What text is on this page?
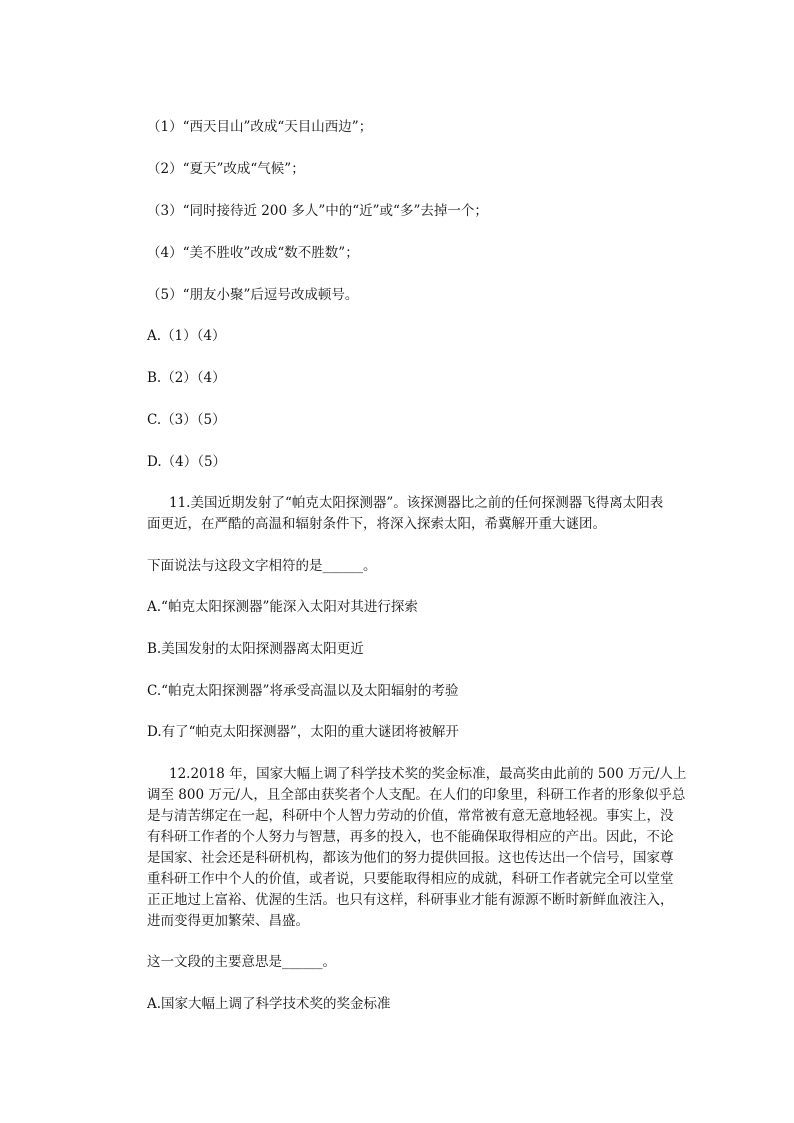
（1）“西天目山”改成“天目山西边”；
（2）“夏天”改成“气候”；
（3）“同时接待近 200 多人”中的“近”或“多”去掉一个；
（4）“美不胜收”改成“数不胜数”；
（5）“朋友小聚”后逗号改成顿号。
A.（1）（4）
B.（2）（4）
C.（3）（5）
D.（4）（5）
11.美国近期发射了“帕克太阳探测器”。该探测器比之前的任何探测器飞得离太阳表
面更近，在严酷的高温和辐射条件下，将深入探索太阳，希冀解开重大谜团。
下面说法与这段文字相符的是______。
A.“帕克太阳探测器”能深入太阳对其进行探索
B.美国发射的太阳探测器离太阳更近
C.“帕克太阳探测器”将承受高温以及太阳辐射的考验
D.有了“帕克太阳探测器”，太阳的重大谜团将被解开
12.2018 年，国家大幅上调了科学技术奖的奖金标准，最高奖由此前的 500 万元/人上
调至 800 万元/人，且全部由获奖者个人支配。在人们的印象里，科研工作者的形象似乎总
是与清苦绑定在一起，科研中个人智力劳动的价值，常常被有意无意地轻视。事实上，没
有科研工作者的个人努力与智慧，再多的投入，也不能确保取得相应的产出。因此，不论
是国家、社会还是科研机构，都该为他们的努力提供回报。这也传达出一个信号，国家尊
重科研工作中个人的价值，或者说，只要能取得相应的成就，科研工作者就完全可以堂堂
正正地过上富裕、优渥的生活。也只有这样，科研事业才能有源源不断时新鲜血液注入，
进而变得更加繁荣、昌盛。
这一文段的主要意思是______。
A.国家大幅上调了科学技术奖的奖金标准
